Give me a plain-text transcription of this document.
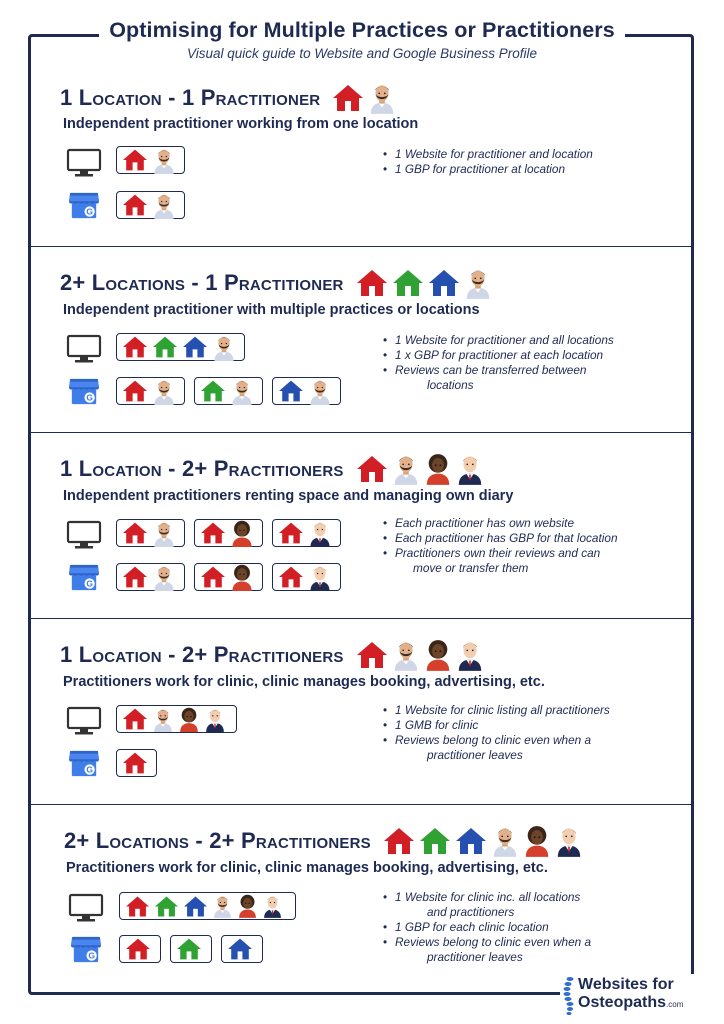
Optimising for Multiple Practices or Practitioners
Visual quick guide to Website and Google Business Profile
1 Location - 1 Practitioner
Independent practitioner working from one location
• 1 Website for practitioner and location
• 1 GBP for practitioner at location
2+ Locations - 1 Practitioner
Independent practitioner with multiple practices or locations
• 1 Website for practitioner and all locations
• 1 x GBP for practitioner at each location
• Reviews can be transferred between
locations
1 Location - 2+ Practitioners
Independent practitioners renting space and managing own diary
• Each practitioner has own website
• Each practitioner has GBP for that location
• Practitioners own their reviews and can
move or transfer them
1 Location - 2+ Practitioners
Practitioners work for clinic, clinic manages booking, advertising, etc.
• 1 Website for clinic listing all practitioners
• 1 GMB for clinic
• Reviews belong to clinic even when a
practitioner leaves
2+ Locations - 2+ Practitioners
Practitioners work for clinic, clinic manages booking, advertising, etc.
• 1 Website for clinic inc. all locations
and practitioners
• 1 GBP for each clinic location
• Reviews belong to clinic even when a
practitioner leaves
Websites for
Osteopaths.com
